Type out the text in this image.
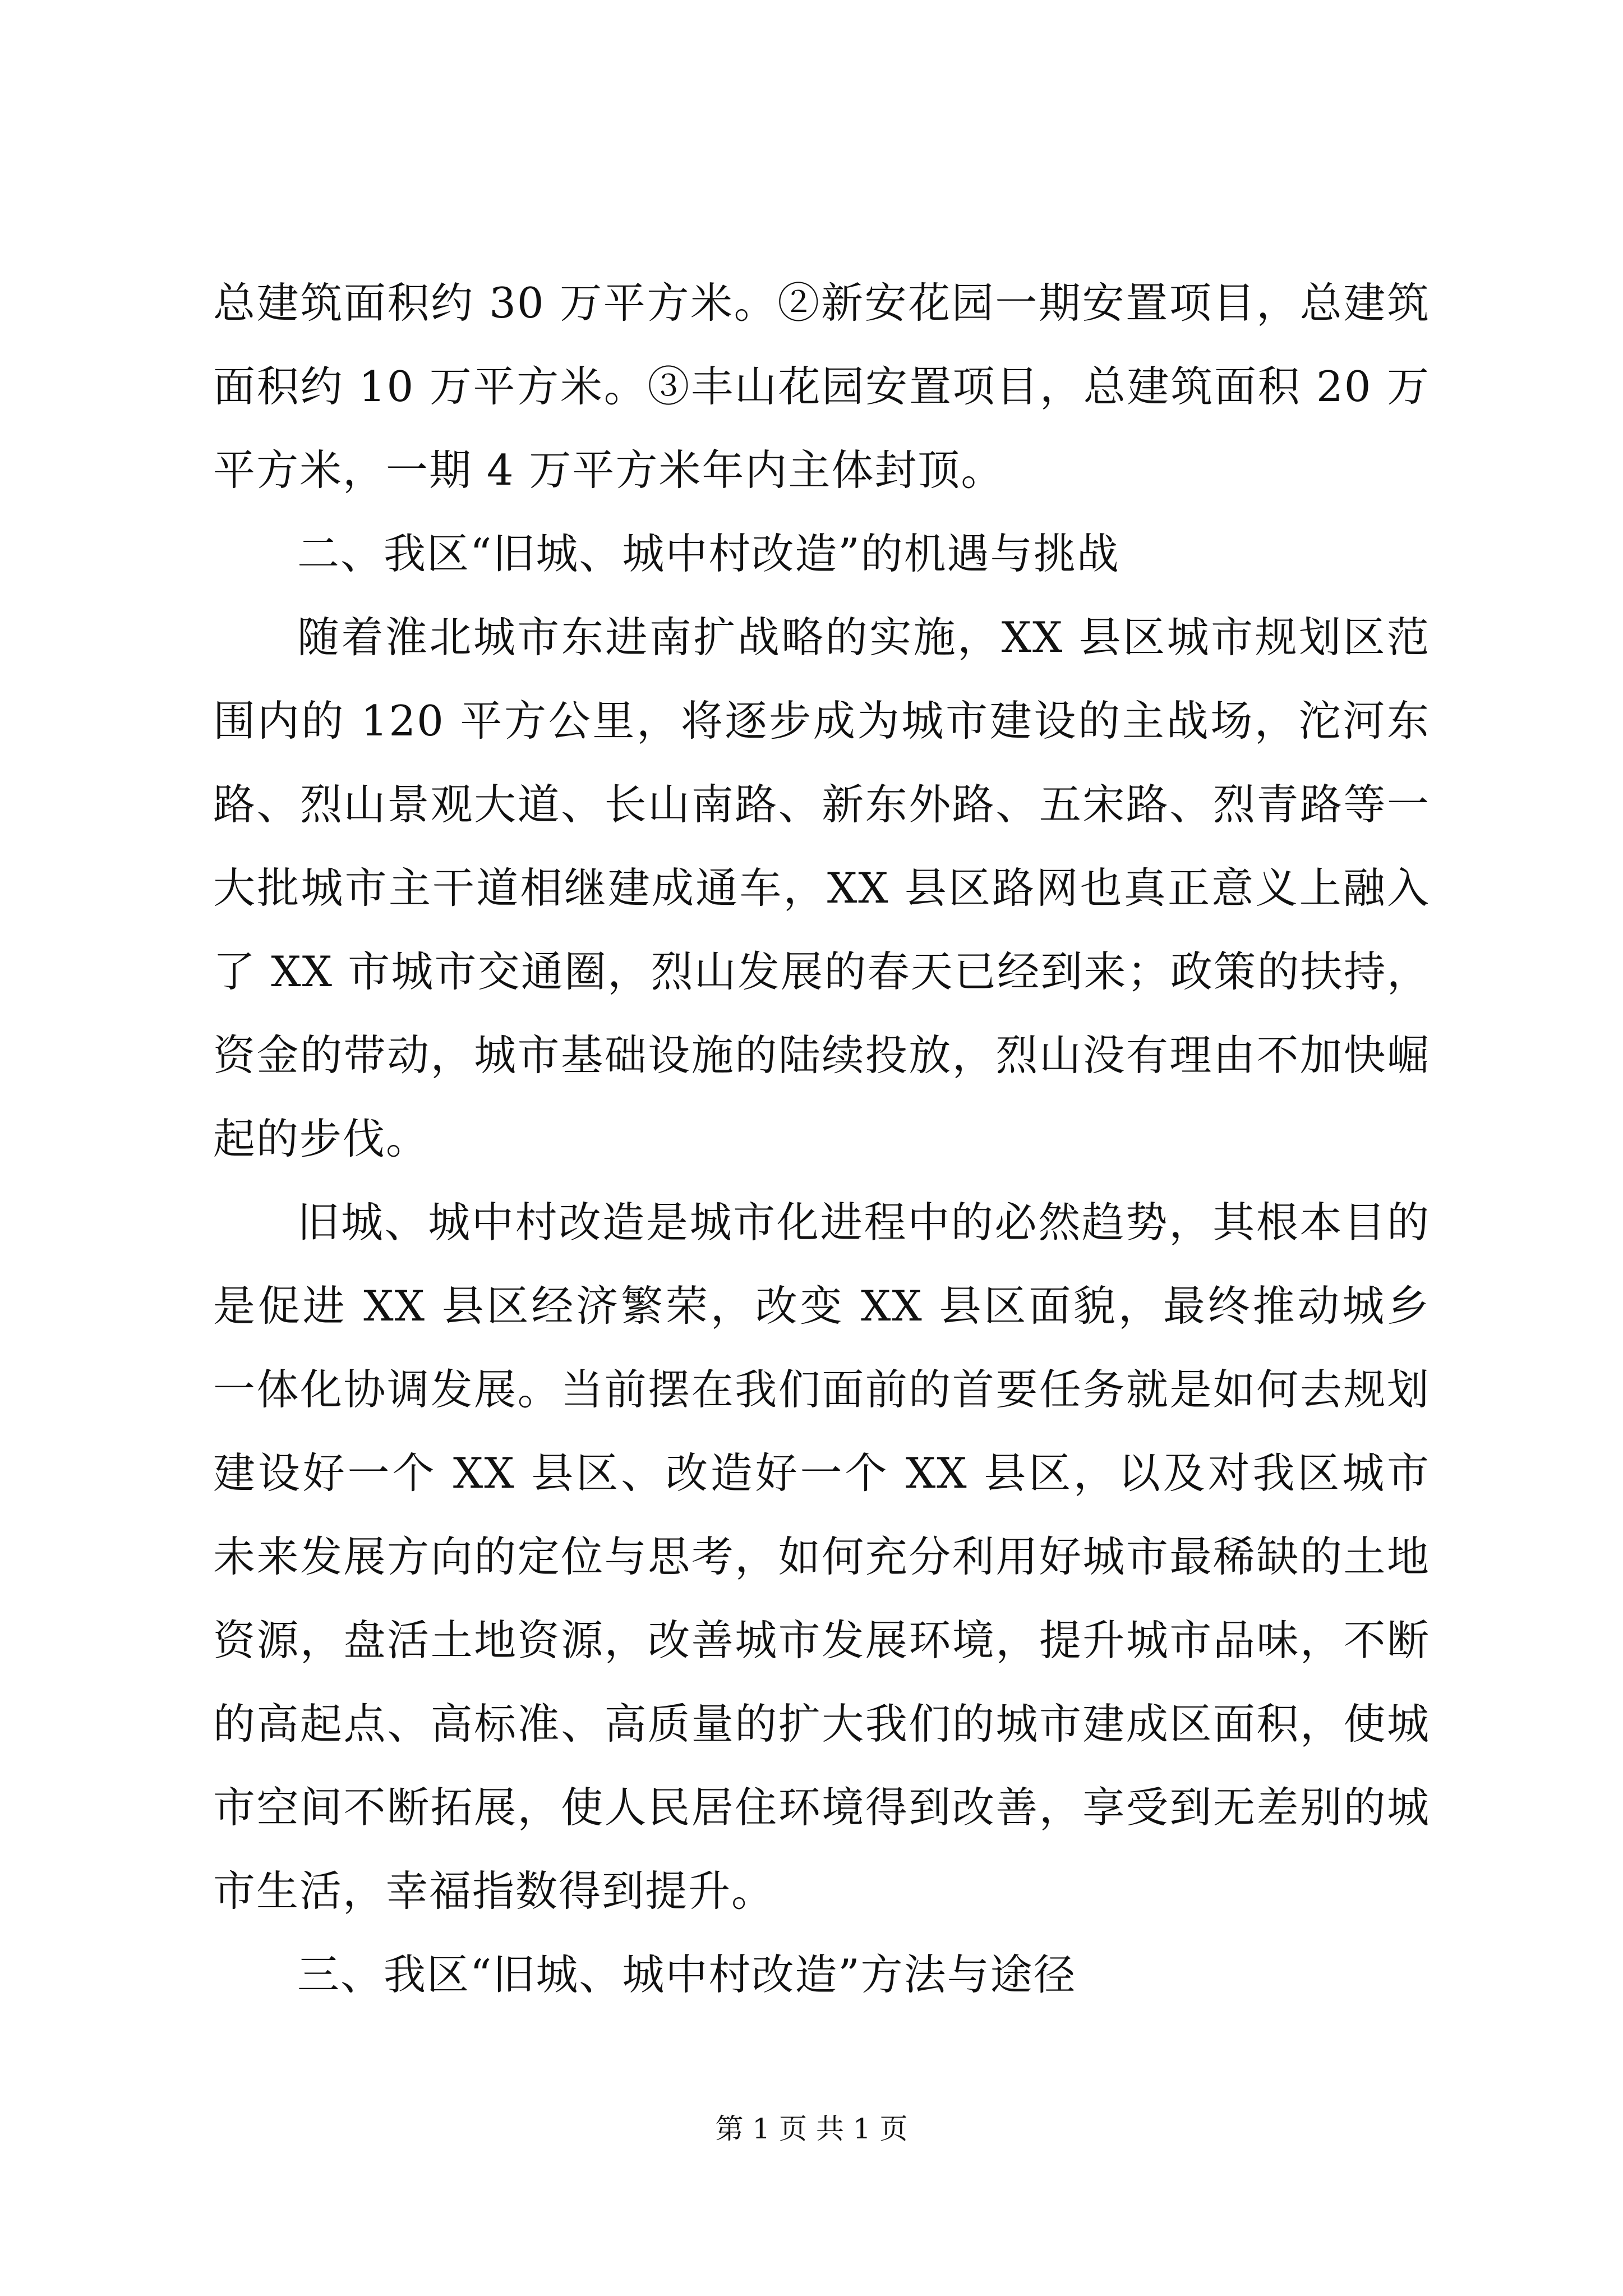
总建筑面积约 30 万平方米。②新安花园一期安置项目，总建筑面积约 10 万平方米。③丰山花园安置项目，总建筑面积 20 万平方米，一期 4 万平方米年内主体封顶。

二、我区“旧城、城中村改造”的机遇与挑战

随着淮北城市东进南扩战略的实施，XX 县区城市规划区范围内的 120 平方公里，将逐步成为城市建设的主战场，沱河东路、烈山景观大道、长山南路、新东外路、五宋路、烈青路等一大批城市主干道相继建成通车，XX 县区路网也真正意义上融入了 XX 市城市交通圈，烈山发展的春天已经到来；政策的扶持，资金的带动，城市基础设施的陆续投放，烈山没有理由不加快崛起的步伐。

旧城、城中村改造是城市化进程中的必然趋势，其根本目的是促进 XX 县区经济繁荣，改变 XX 县区面貌，最终推动城乡一体化协调发展。当前摆在我们面前的首要任务就是如何去规划建设好一个 XX 县区、改造好一个 XX 县区，以及对我区城市未来发展方向的定位与思考，如何充分利用好城市最稀缺的土地资源，盘活土地资源，改善城市发展环境，提升城市品味，不断的高起点、高标准、高质量的扩大我们的城市建成区面积，使城市空间不断拓展，使人民居住环境得到改善，享受到无差别的城市生活，幸福指数得到提升。

三、我区“旧城、城中村改造”方法与途径

第 1 页 共 1 页
